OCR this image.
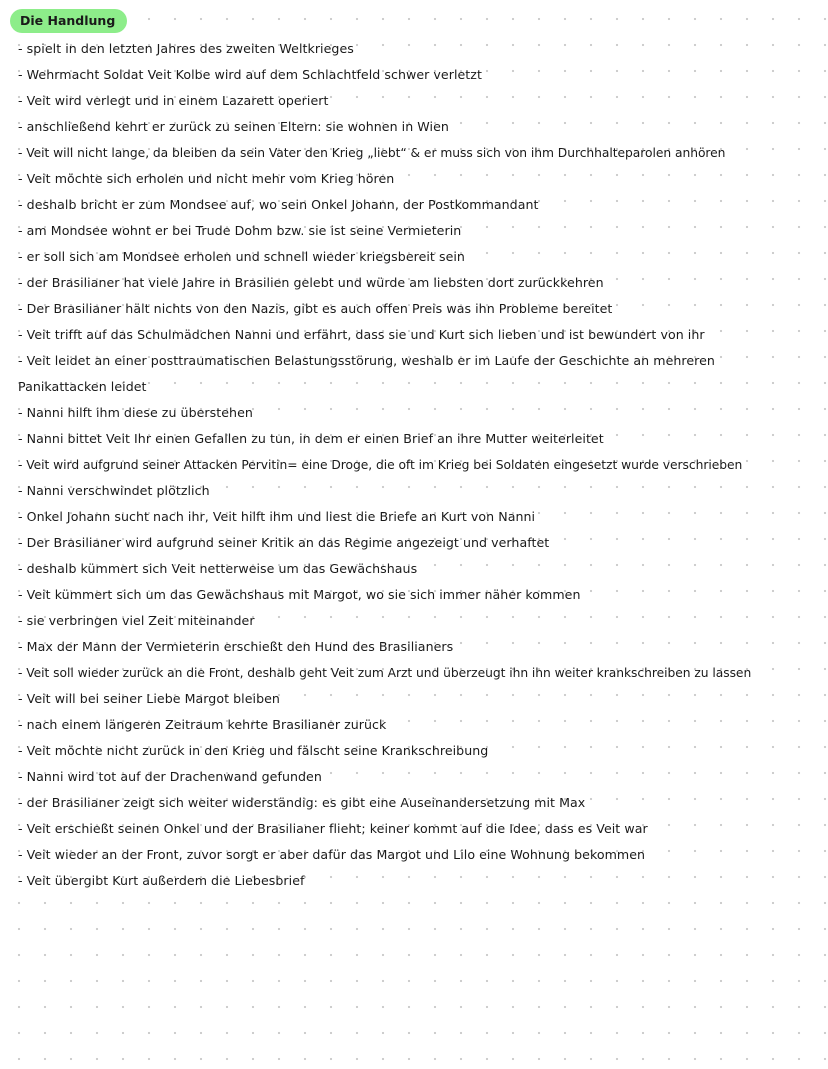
Die Handlung
- spielt in den letzten Jahres des zweiten Weltkrieges
- Wehrmacht Soldat Veit Kolbe wird auf dem Schlachtfeld schwer verletzt
- Veit wird verlegt und in einem Lazarett operiert
- anschließend kehrt er zurück zu seinen Eltern: sie wohnen in Wien
- Veit will nicht lange, da bleiben da sein Vater den Krieg „liebt“ & er muss sich von ihm Durchhalteparolen anhören
- Veit möchte sich erholen und nicht mehr vom Krieg hören
- deshalb bricht er zum Mondsee auf, wo sein Onkel Johann, der Postkommandant
- am Mondsee wohnt er bei Trude Dohm bzw. sie ist seine Vermieterin
- er soll sich am Mondsee erholen und schnell wieder kriegsbereit sein
- der Brasilianer hat viele Jahre in Brasilien gelebt und würde am liebsten dort zurückkehren
- Der Brasilianer hält nichts von den Nazis, gibt es auch offen Preis was ihn Probleme bereitet
- Veit trifft auf das Schulmädchen Nanni und erfährt, dass sie und Kurt sich lieben und ist bewundert von ihr
- Veit leidet an einer posttraumatischen Belastungsstörung, weshalb er im Laufe der Geschichte an mehreren
Panikattacken leidet
- Nanni hilft ihm diese zu überstehen
- Nanni bittet Veit Ihr einen Gefallen zu tun, in dem er einen Brief an ihre Mutter weiterleitet
- Veit wird aufgrund seiner Attacken Pervitin= eine Droge, die oft im Krieg bei Soldaten eingesetzt wurde verschrieben
- Nanni verschwindet plötzlich
- Onkel Johann sucht nach ihr, Veit hilft ihm und liest die Briefe an Kurt von Nanni
- Der Brasilianer wird aufgrund seiner Kritik an das Regime angezeigt und verhaftet
- deshalb kümmert sich Veit netterweise um das Gewächshaus
- Veit kümmert sich um das Gewächshaus mit Margot, wo sie sich immer näher kommen
- sie verbringen viel Zeit miteinander
- Max der Mann der Vermieterin erschießt den Hund des Brasilianers
- Veit soll wieder zurück an die Front, deshalb geht Veit zum Arzt und überzeugt ihn ihn weiter krankschreiben zu lassen
- Veit will bei seiner Liebe Margot bleiben
- nach einem längeren Zeitraum kehrte Brasilianer zurück
- Veit möchte nicht zurück in den Krieg und fälscht seine Krankschreibung
- Nanni wird tot auf der Drachenwand gefunden
- der Brasilianer zeigt sich weiter widerständig: es gibt eine Auseinandersetzung mit Max
- Veit erschießt seinen Onkel und der Brasilianer flieht; keiner kommt auf die Idee, dass es Veit war
- Veit wieder an der Front, zuvor sorgt er aber dafür das Margot und Lilo eine Wohnung bekommen
- Veit übergibt Kurt außerdem die Liebesbrief
